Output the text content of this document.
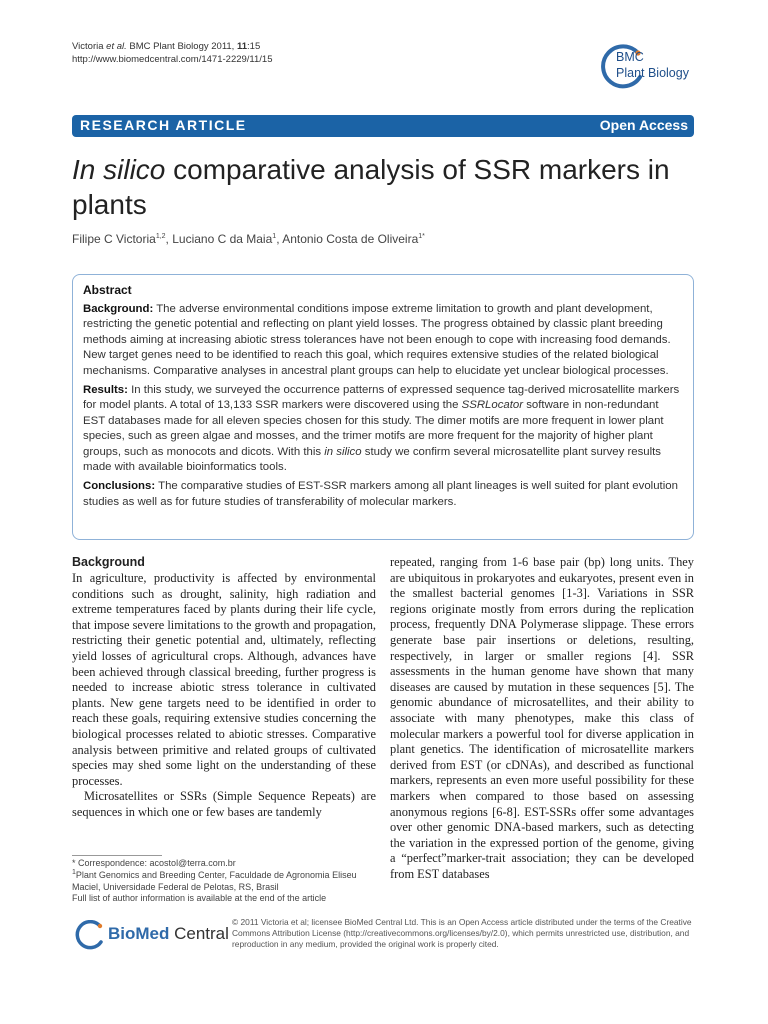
Victoria et al. BMC Plant Biology 2011, 11:15
http://www.biomedcentral.com/1471-2229/11/15	BMC
Plant Biology
RESEARCH ARTICLE	Open Access
In silico comparative analysis of SSR markers in plants
Filipe C Victoria$^{1,2}$, Luciano C da Maia$^1$, Antonio Costa de Oliveira$^{1*}$
Abstract

Background: The adverse environmental conditions impose extreme limitation to growth and plant development, restricting the genetic potential and reflecting on plant yield losses. The progress obtained by classic plant breeding methods aiming at increasing abiotic stress tolerances have not been enough to cope with increasing food demands. New target genes need to be identified to reach this goal, which requires extensive studies of the related biological mechanisms. Comparative analyses in ancestral plant groups can help to elucidate yet unclear biological processes.

Results: In this study, we surveyed the occurrence patterns of expressed sequence tag-derived microsatellite markers for model plants. A total of 13,133 SSR markers were discovered using the SSRLocator software in non-redundant EST databases made for all eleven species chosen for this study. The dimer motifs are more frequent in lower plant species, such as green algae and mosses, and the trimer motifs are more frequent for the majority of higher plant groups, such as monocots and dicots. With this in silico study we confirm several microsatellite plant survey results made with available bioinformatics tools.

Conclusions: The comparative studies of EST-SSR markers among all plant lineages is well suited for plant evolution studies as well as for future studies of transferability of molecular markers.

Background

In agriculture, productivity is affected by environmental conditions such as drought, salinity, high radiation and extreme temperatures faced by plants during their life cycle, that impose severe limitations to the growth and propagation, restricting their genetic potential and, ultimately, reflecting yield losses of agricultural crops. Although, advances have been achieved through classical breeding, further progress is needed to increase abiotic stress tolerance in cultivated plants. New gene targets need to be identified in order to reach these goals, requiring extensive studies concerning the biological processes related to abiotic stresses. Comparative analysis between primitive and related groups of cultivated species may shed some light on the understanding of these processes.

Microsatellites or SSRs (Simple Sequence Repeats) are sequences in which one or few bases are tandemly

* Correspondence: acostol@terra.com.br

$^1$Plant Genomics and Breeding Center, Faculdade de Agronomia Eliseu Maciel, Universidade Federal de Pelotas, RS, Brasil

Full list of author information is available at the end of the article

repeated, ranging from 1-6 base pair (bp) long units. They are ubiquitous in prokaryotes and eukaryotes, present even in the smallest bacterial genomes [1-3]. Variations in SSR regions originate mostly from errors during the replication process, frequently DNA Polymerase slippage. These errors generate base pair insertions or deletions, resulting, respectively, in larger or smaller regions [4]. SSR assessments in the human genome have shown that many diseases are caused by mutation in these sequences [5]. The genomic abundance of microsatellites, and their ability to associate with many phenotypes, make this class of molecular markers a powerful tool for diverse application in plant genetics. The identification of microsatellite markers derived from EST (or cDNAs), and described as functional markers, represents an even more useful possibility for these markers when compared to those based on assessing anonymous regions [6-8]. EST-SSRs offer some advantages over other genomic DNA-based markers, such as detecting the variation in the expressed portion of the genome, giving a “perfect”marker-trait association; they can be developed from EST databases

BioMed Central
© 2011 Victoria et al; licensee BioMed Central Ltd. This is an Open Access article distributed under the terms of the Creative Commons Attribution License (http://creativecommons.org/licenses/by/2.0), which permits unrestricted use, distribution, and reproduction in any medium, provided the original work is properly cited.
